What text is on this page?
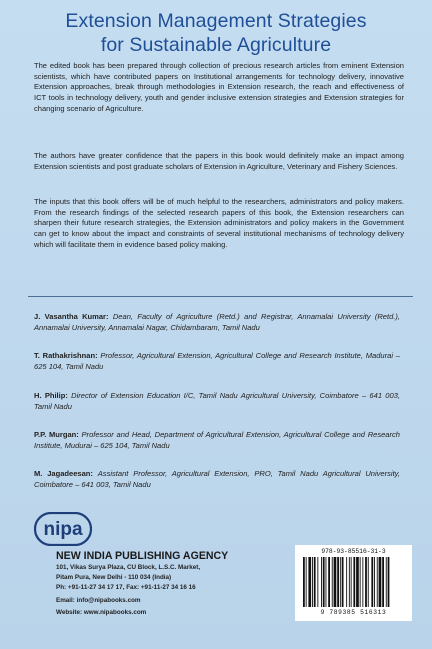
Extension Management Strategies
for Sustainable Agriculture

The edited book has been prepared through collection of precious research articles from eminent Extension scientists, which have contributed papers on Institutional arrangements for technology delivery, innovative Extension approaches, break through methodologies in Extension research, the reach and effectiveness of ICT tools in technology delivery, youth and gender inclusive extension strategies and Extension strategies for changing scenario of Agriculture.

The authors have greater confidence that the papers in this book would definitely make an impact among Extension scientists and post graduate scholars of Extension in Agriculture, Veterinary and Fishery Sciences.

The inputs that this book offers will be of much helpful to the researchers, administrators and policy makers. From the research findings of the selected research papers of this book, the Extension researchers can sharpen their future research strategies, the Extension administrators and policy makers in the Government can get to know about the impact and constraints of several institutional mechanisms of technology delivery which will facilitate them in evidence based policy making.

J. Vasantha Kumar: Dean, Faculty of Agriculture (Retd.) and Registrar, Annamalai University (Retd.), Annamalai University, Annamalai Nagar, Chidambaram, Tamil Nadu
T. Rathakrishnan: Professor, Agricultural Extension, Agricultural College and Research Institute, Madurai – 625 104, Tamil Nadu
H. Philip: Director of Extension Education I/C, Tamil Nadu Agricultural University, Coimbatore – 641 003, Tamil Nadu
P.P. Murgan: Professor and Head, Department of Agricultural Extension, Agricultural College and Research Institute, Mudurai – 625 104, Tamil Nadu
M. Jagadeesan: Assistant Professor, Agricultural Extension, PRO, Tamil Nadu Agricultural University, Coimbatore – 641 003, Tamil Nadu
nipa
NEW INDIA PUBLISHING AGENCY
101, Vikas Surya Plaza, CU Block, L.S.C. Market,
Pitam Pura, New Delhi - 110 034 (India)
Ph: +91-11-27 34 17 17, Fax: +91-11-27 34 16 16
Email: info@nipabooks.com
Website: www.nipabooks.com
978-93-85516-31-3
9 789385 516313
